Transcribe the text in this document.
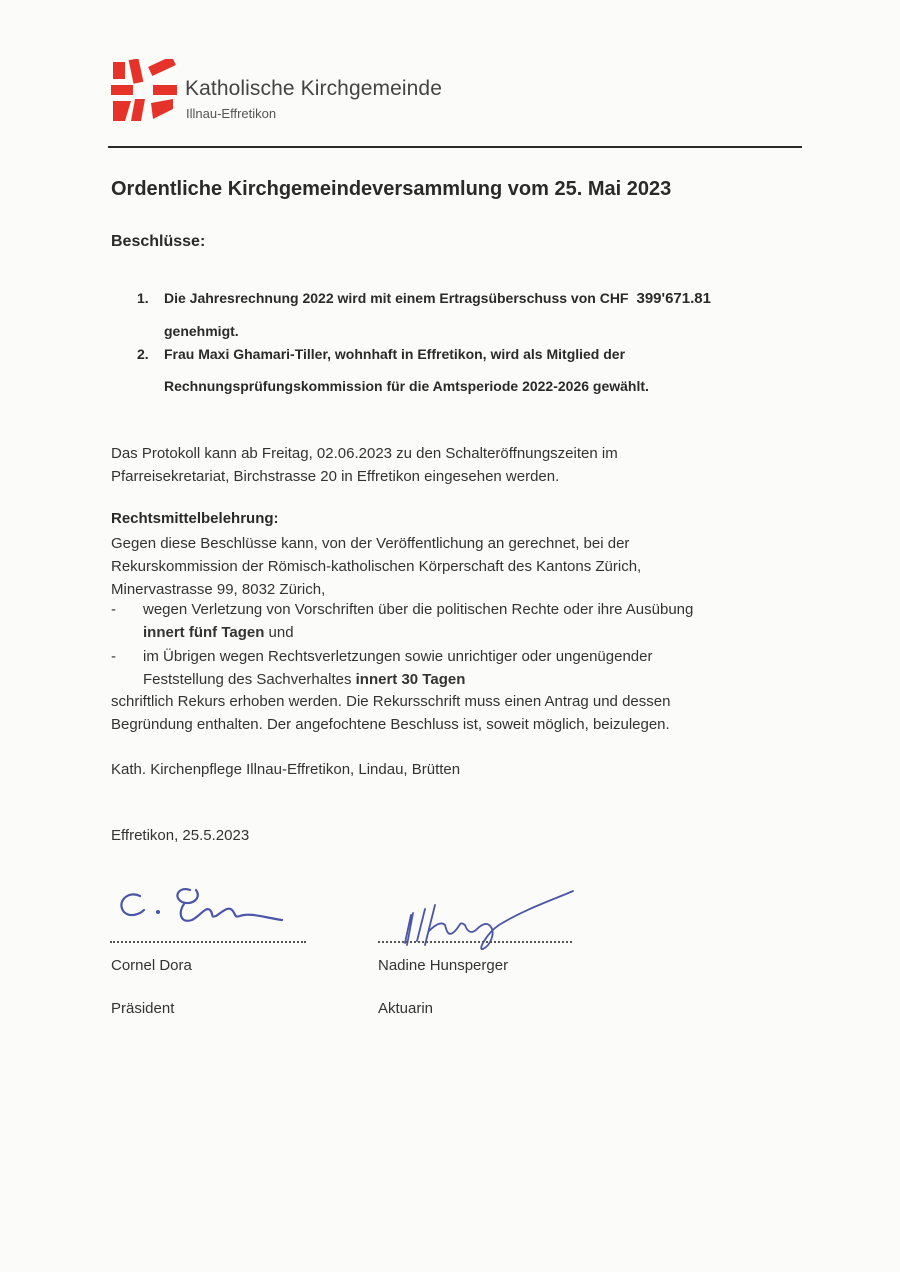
Katholische Kirchgemeinde
Illnau-Effretikon
Ordentliche Kirchgemeindeversammlung vom 25. Mai 2023
Beschlüsse:
1. Die Jahresrechnung 2022 wird mit einem Ertragsüberschuss von CHF 399'671.81
genehmigt.
2. Frau Maxi Ghamari-Tiller, wohnhaft in Effretikon, wird als Mitglied der
Rechnungsprüfungskommission für die Amtsperiode 2022-2026 gewählt.
Das Protokoll kann ab Freitag, 02.06.2023 zu den Schalteröffnungszeiten im
Pfarreisekretariat, Birchstrasse 20 in Effretikon eingesehen werden.
Rechtsmittelbelehrung:
Gegen diese Beschlüsse kann, von der Veröffentlichung an gerechnet, bei der
Rekurskommission der Römisch-katholischen Körperschaft des Kantons Zürich,
Minervastrasse 99, 8032 Zürich,
- wegen Verletzung von Vorschriften über die politischen Rechte oder ihre Ausübung
innert fünf Tagen und
- im Übrigen wegen Rechtsverletzungen sowie unrichtiger oder ungenügender
Feststellung des Sachverhaltes innert 30 Tagen
schriftlich Rekurs erhoben werden. Die Rekursschrift muss einen Antrag und dessen
Begründung enthalten. Der angefochtene Beschluss ist, soweit möglich, beizulegen.
Kath. Kirchenpflege Illnau-Effretikon, Lindau, Brütten
Effretikon, 25.5.2023
Cornel Dora
Präsident
Nadine Hunsperger
Aktuarin
